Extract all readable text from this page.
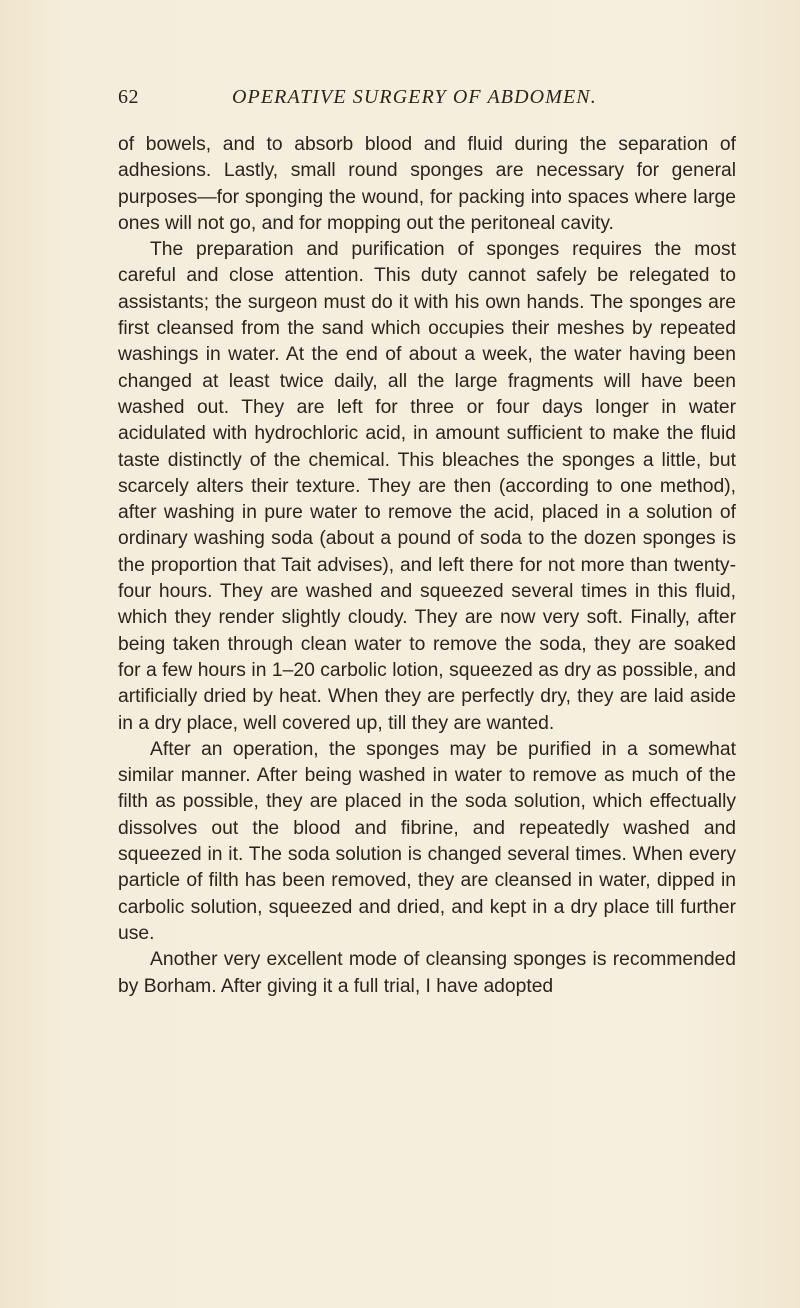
62	OPERATIVE SURGERY OF ABDOMEN.

of bowels, and to absorb blood and fluid during the separation of adhesions. Lastly, small round sponges are necessary for general purposes—for sponging the wound, for packing into spaces where large ones will not go, and for mopping out the peritoneal cavity.

The preparation and purification of sponges requires the most careful and close attention. This duty cannot safely be relegated to assistants; the surgeon must do it with his own hands. The sponges are first cleansed from the sand which occupies their meshes by repeated washings in water. At the end of about a week, the water having been changed at least twice daily, all the large fragments will have been washed out. They are left for three or four days longer in water acidulated with hydrochloric acid, in amount sufficient to make the fluid taste distinctly of the chemical. This bleaches the sponges a little, but scarcely alters their texture. They are then (according to one method), after washing in pure water to remove the acid, placed in a solution of ordinary washing soda (about a pound of soda to the dozen sponges is the proportion that Tait advises), and left there for not more than twenty-four hours. They are washed and squeezed several times in this fluid, which they render slightly cloudy. They are now very soft. Finally, after being taken through clean water to remove the soda, they are soaked for a few hours in 1–20 carbolic lotion, squeezed as dry as possible, and artificially dried by heat. When they are perfectly dry, they are laid aside in a dry place, well covered up, till they are wanted.

After an operation, the sponges may be purified in a somewhat similar manner. After being washed in water to remove as much of the filth as possible, they are placed in the soda solution, which effectually dissolves out the blood and fibrine, and repeatedly washed and squeezed in it. The soda solution is changed several times. When every particle of filth has been removed, they are cleansed in water, dipped in carbolic solution, squeezed and dried, and kept in a dry place till further use.

Another very excellent mode of cleansing sponges is recommended by Borham. After giving it a full trial, I have adopted
